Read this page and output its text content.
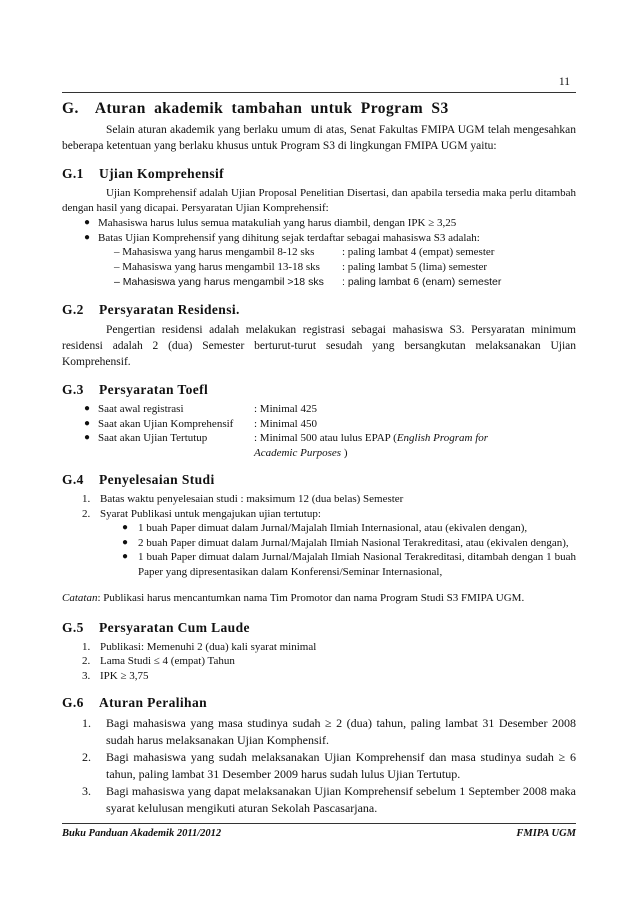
11
G. Aturan akademik tambahan untuk Program S3

Selain aturan akademik yang berlaku umum di atas, Senat Fakultas FMIPA UGM telah mengesahkan beberapa ketentuan yang berlaku khusus untuk Program S3 di lingkungan FMIPA UGM yaitu:

G.1 Ujian Komprehensif

Ujian Komprehensif adalah Ujian Proposal Penelitian Disertasi, dan apabila tersedia maka perlu ditambah dengan hasil yang dicapai. Persyaratan Ujian Komprehensif:

● Mahasiswa harus lulus semua matakuliah yang harus diambil, dengan IPK ≥ 3,25
● Batas Ujian Komprehensif yang dihitung sejak terdaftar sebagai mahasiswa S3 adalah:
– Mahasiswa yang harus mengambil 8-12 sks	: paling lambat 4 (empat) semester
– Mahasiswa yang harus mengambil 13-18 sks : paling lambat 5 (lima) semester
– Mahasiswa yang harus mengambil >18 sks : paling lambat 6 (enam) semester
G.2 Persyaratan Residensi.

Pengertian residensi adalah melakukan registrasi sebagai mahasiswa S3. Persyaratan minimum residensi adalah 2 (dua) Semester berturut-turut sesudah yang bersangkutan melaksanakan Ujian Komprehensif.

G.3 Persyaratan Toefl
● Saat awal registrasi	: Minimal 425
● Saat akan Ujian Komprehensif : Minimal 450
● Saat akan Ujian Tertutup	: Minimal 500 atau lulus EPAP (English Program for Academic Purposes )
G.4 Penyelesaian Studi
1. Batas waktu penyelesaian studi : maksimum 12 (dua belas) Semester
2. Syarat Publikasi untuk mengajukan ujian tertutup:
● 1 buah Paper dimuat dalam Jurnal/Majalah Ilmiah Internasional, atau (ekivalen dengan),
● 2 buah Paper dimuat dalam Jurnal/Majalah Ilmiah Nasional Terakreditasi, atau (ekivalen dengan),
● 1 buah Paper dimuat dalam Jurnal/Majalah Ilmiah Nasional Terakreditasi, ditambah dengan 1 buah Paper yang dipresentasikan dalam Konferensi/Seminar Internasional,
Catatan: Publikasi harus mencantumkan nama Tim Promotor dan nama Program Studi S3 FMIPA UGM.
G.5 Persyaratan Cum Laude
1. Publikasi: Memenuhi 2 (dua) kali syarat minimal
2. Lama Studi ≤ 4 (empat) Tahun
3. IPK ≥ 3,75
G.6 Aturan Peralihan
1. Bagi mahasiswa yang masa studinya sudah ≥ 2 (dua) tahun, paling lambat 31 Desember 2008 sudah harus melaksanakan Ujian Komphensif.
2. Bagi mahasiswa yang sudah melaksanakan Ujian Komprehensif dan masa studinya sudah ≥ 6 tahun, paling lambat 31 Desember 2009 harus sudah lulus Ujian Tertutup.
3. Bagi mahasiswa yang dapat melaksanakan Ujian Komprehensif sebelum 1 September 2008 maka syarat kelulusan mengikuti aturan Sekolah Pascasarjana.
Buku Panduan Akademik 2011/2012	FMIPA UGM
